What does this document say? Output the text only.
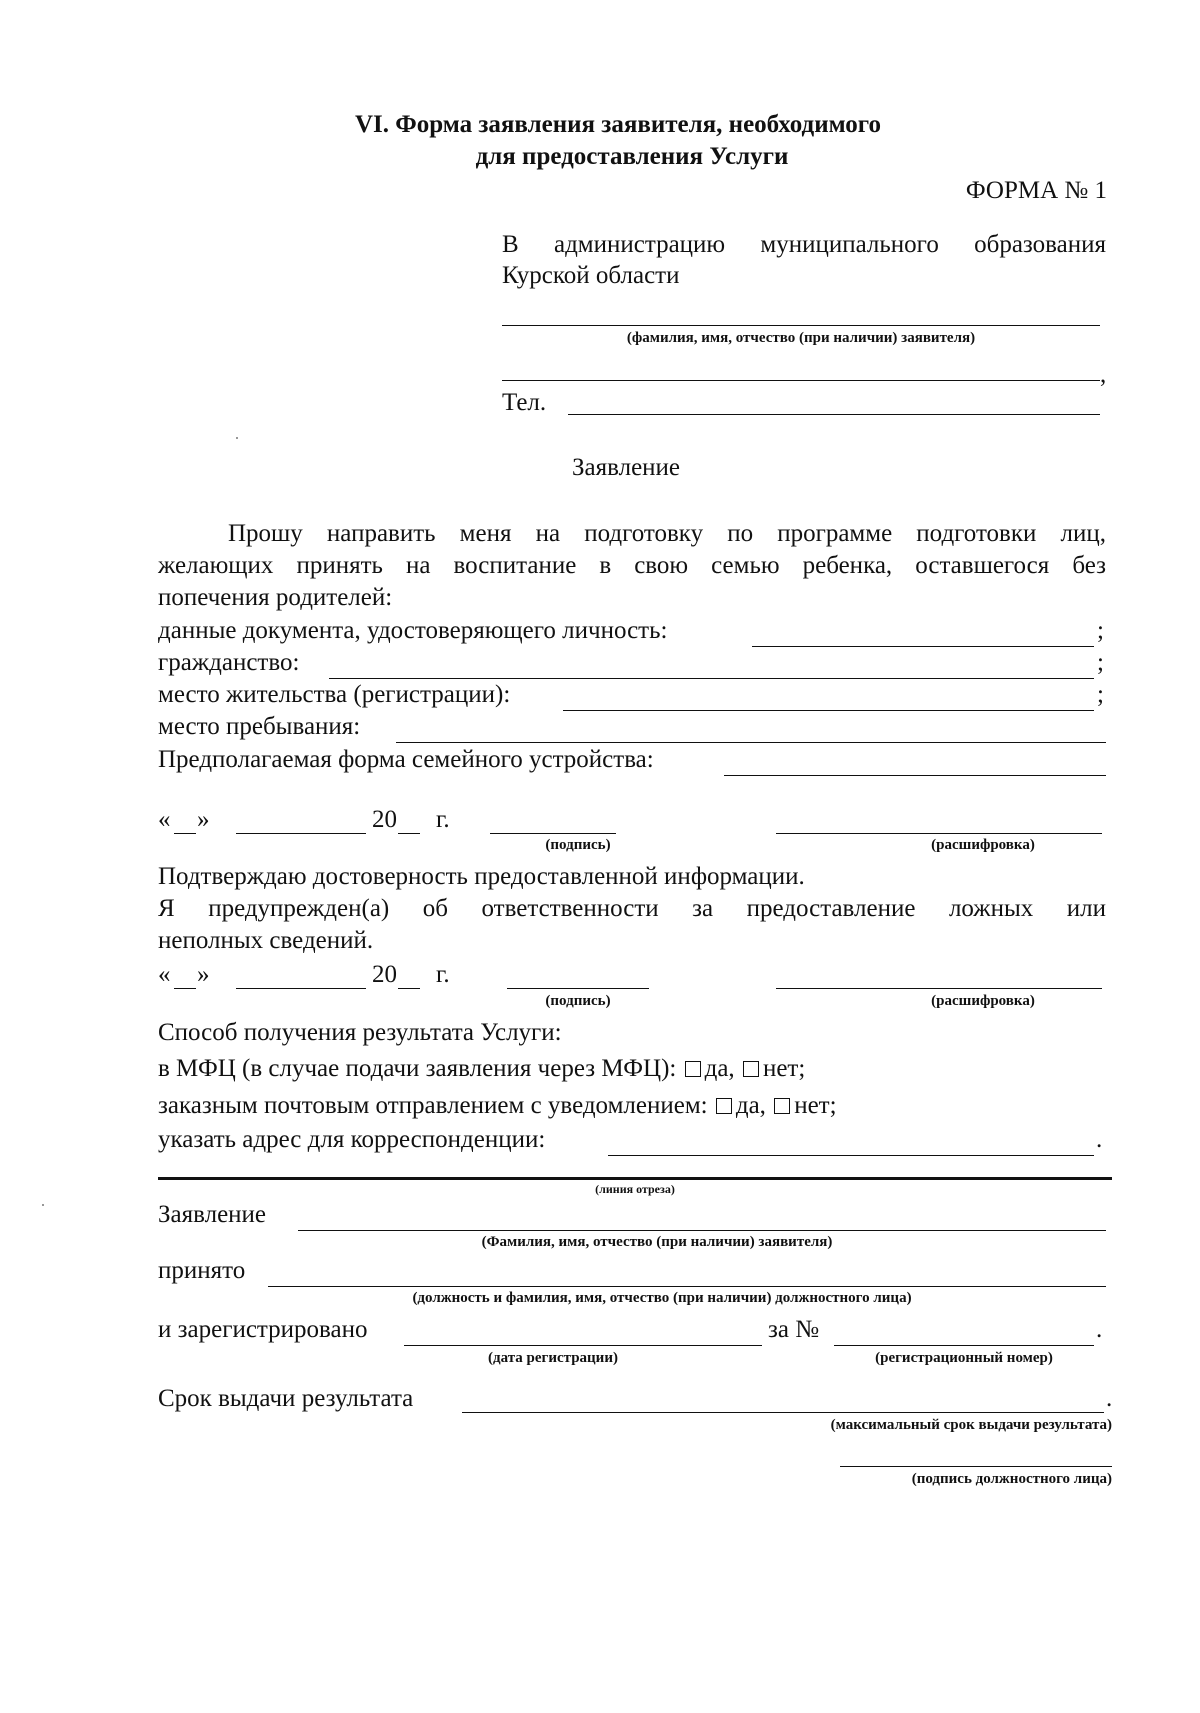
VI. Форма заявления заявителя, необходимого
для предоставления Услуги
ФОРМА № 1
В администрацию муниципального образования
Курской области
(фамилия, имя, отчество (при наличии) заявителя)
,
Тел.
Заявление
Прошу направить меня на подготовку по программе подготовки лиц,
желающих принять на воспитание в свою семью ребенка, оставшегося без
попечения родителей:
данные документа, удостоверяющего личность:	;
гражданство:	;
место жительства (регистрации):	;
место пребывания:
Предполагаемая форма семейного устройства:
« »	20 г.
(подпись)	(расшифровка)
Подтверждаю достоверность предоставленной информации.
Я предупрежден(а) об ответственности за предоставление ложных или
неполных сведений.
« »	20 г.
(подпись)	(расшифровка)
Способ получения результата Услуги:
в МФЦ (в случае подачи заявления через МФЦ): да, нет;
заказным почтовым отправлением с уведомлением: да, нет;
указать адрес для корреспонденции:	.
(линия отреза)
Заявление
(Фамилия, имя, отчество (при наличии) заявителя)
принято
(должность и фамилия, имя, отчество (при наличии) должностного лица)
и зарегистрировано
(дата регистрации)
за №	.
(регистрационный номер)
Срок выдачи результата	.
(максимальный срок выдачи результата)
(подпись должностного лица)
